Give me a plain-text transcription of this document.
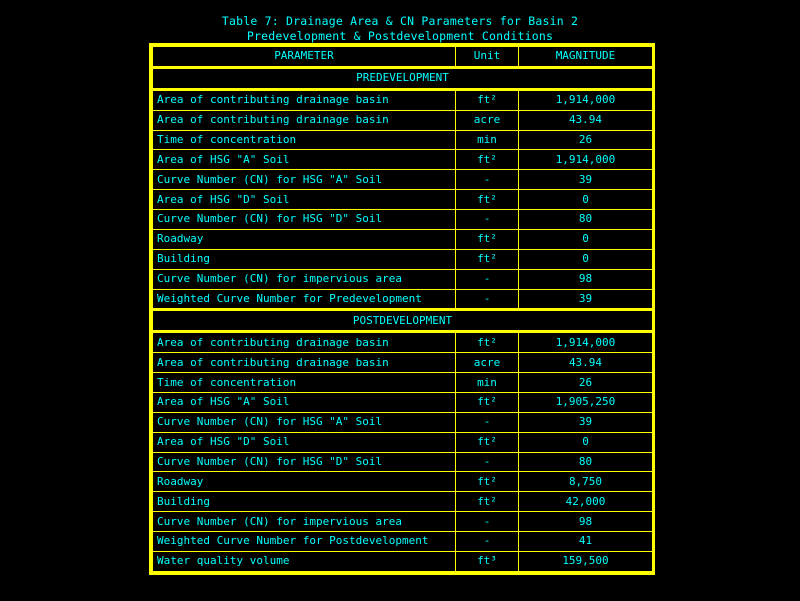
Table 7: Drainage Area & CN Parameters for Basin 2
Predevelopment & Postdevelopment Conditions
PARAMETER	Unit	MAGNITUDE
PREDEVELOPMENT		
Area of contributing drainage basin	ft²	1,914,000
Area of contributing drainage basin	acre	43.94
Time of concentration	min	26
Area of HSG "A" Soil	ft²	1,914,000
Curve Number (CN) for HSG "A" Soil	-	39
Area of HSG "D" Soil	ft²	0
Curve Number (CN) for HSG "D" Soil	-	80
Roadway	ft²	0
Building	ft²	0
Curve Number (CN) for impervious area	-	98
Weighted Curve Number for Predevelopment	-	39
POSTDEVELOPMENT		
Area of contributing drainage basin	ft²	1,914,000
Area of contributing drainage basin	acre	43.94
Time of concentration	min	26
Area of HSG "A" Soil	ft²	1,905,250
Curve Number (CN) for HSG "A" Soil	-	39
Area of HSG "D" Soil	ft²	0
Curve Number (CN) for HSG "D" Soil	-	80
Roadway	ft²	8,750
Building	ft²	42,000
Curve Number (CN) for impervious area	-	98
Weighted Curve Number for Postdevelopment	-	41
Water quality volume	ft³	159,500
